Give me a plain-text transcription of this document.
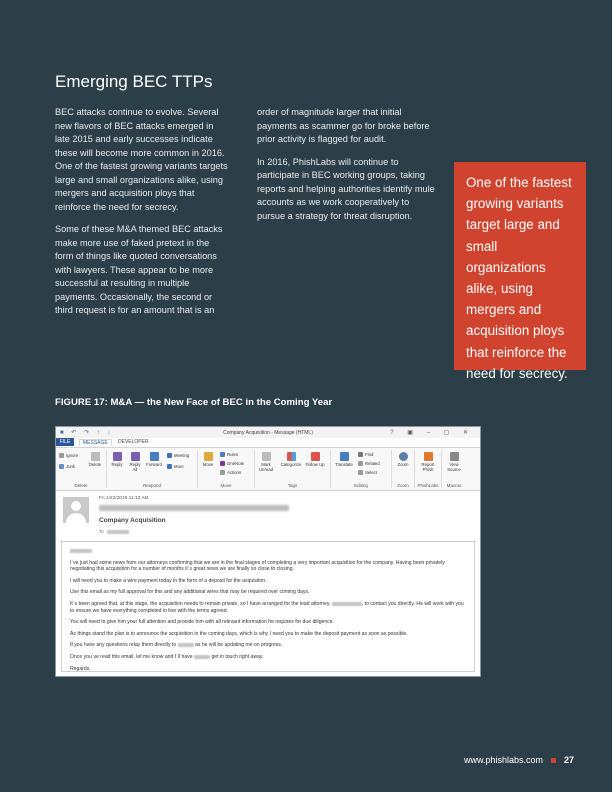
Emerging BEC TTPs

BEC attacks continue to evolve. Several new flavors of BEC attacks emerged in late 2015 and early successes indicate these will become more common in 2016. One of the fastest growing variants targets large and small organizations alike, using mergers and acquisition ploys that reinforce the need for secrecy.

Some of these M&A themed BEC attacks make more use of faked pretext in the form of things like quoted conversations with lawyers. These appear to be more successful at resulting in multiple payments. Occasionally, the second or third request is for an amount that is an

order of magnitude larger that initial payments as scammer go for broke before prior activity is flagged for audit.

In 2016, PhishLabs will continue to participate in BEC working groups, taking reports and helping authorities identify mule accounts as we work cooperatively to pursue a strategy for threat disruption.

One of the fastest growing variants target large and small organizations alike, using mergers and acquisition ploys that reinforce the need for secrecy.
FIGURE 17: M&A — the New Face of BEC in the Coming Year
■ ↶ ↷ ↑ ↓	Company Acquisition - Message (HTML)	? ▣ – ▢ ✕
FILE	MESSAGE	DEVELOPER
Ignore
Junk	Delete
Delete
Reply	Reply All
Forward
Meeting
More
Respond
Move
Rules
OneNote
Actions
Move
Mark Unread
Categorize Follow Up
Tags
Translate
Find
Related
Select
Editing
Zoom
Zoom
Report Phish
PhishLabs
View Source
Macros
Fri 1/22/2016 11:13 AM
Company Acquisition
To

I`ve just had some news from our attorneys confirming that we are in the final stages of completing a very important acquisition for the company. Having been privately negotiating this acquisition for a number of months it`s great news we are finally so close to closing.

I will need you to make a wire payment today in the form of a deposit for the acquisiton.

Use this email as my full approval for this and any additional wires that may be required over coming days.

It`s been agreed that, at this stage, the acquisition needs to remain private, so I have arranged for the lead attorney,	, to contact you directly. He will work with you to ensure we have everything completed in line with the terms agreed.

You will need to give him your full attention and provide him with all relevant information he requires for due diligence.

As things stand the plan is to announce the acquisition in the coming days, which is why I need you to make the deposit payment as soon as possible.

If you have any questions relay them directly to	as he will be updating me on progress.

Once you`ve read this email, let me know and I`ll have	get in touch right away.

Regards,

www.phishlabs.com 27
